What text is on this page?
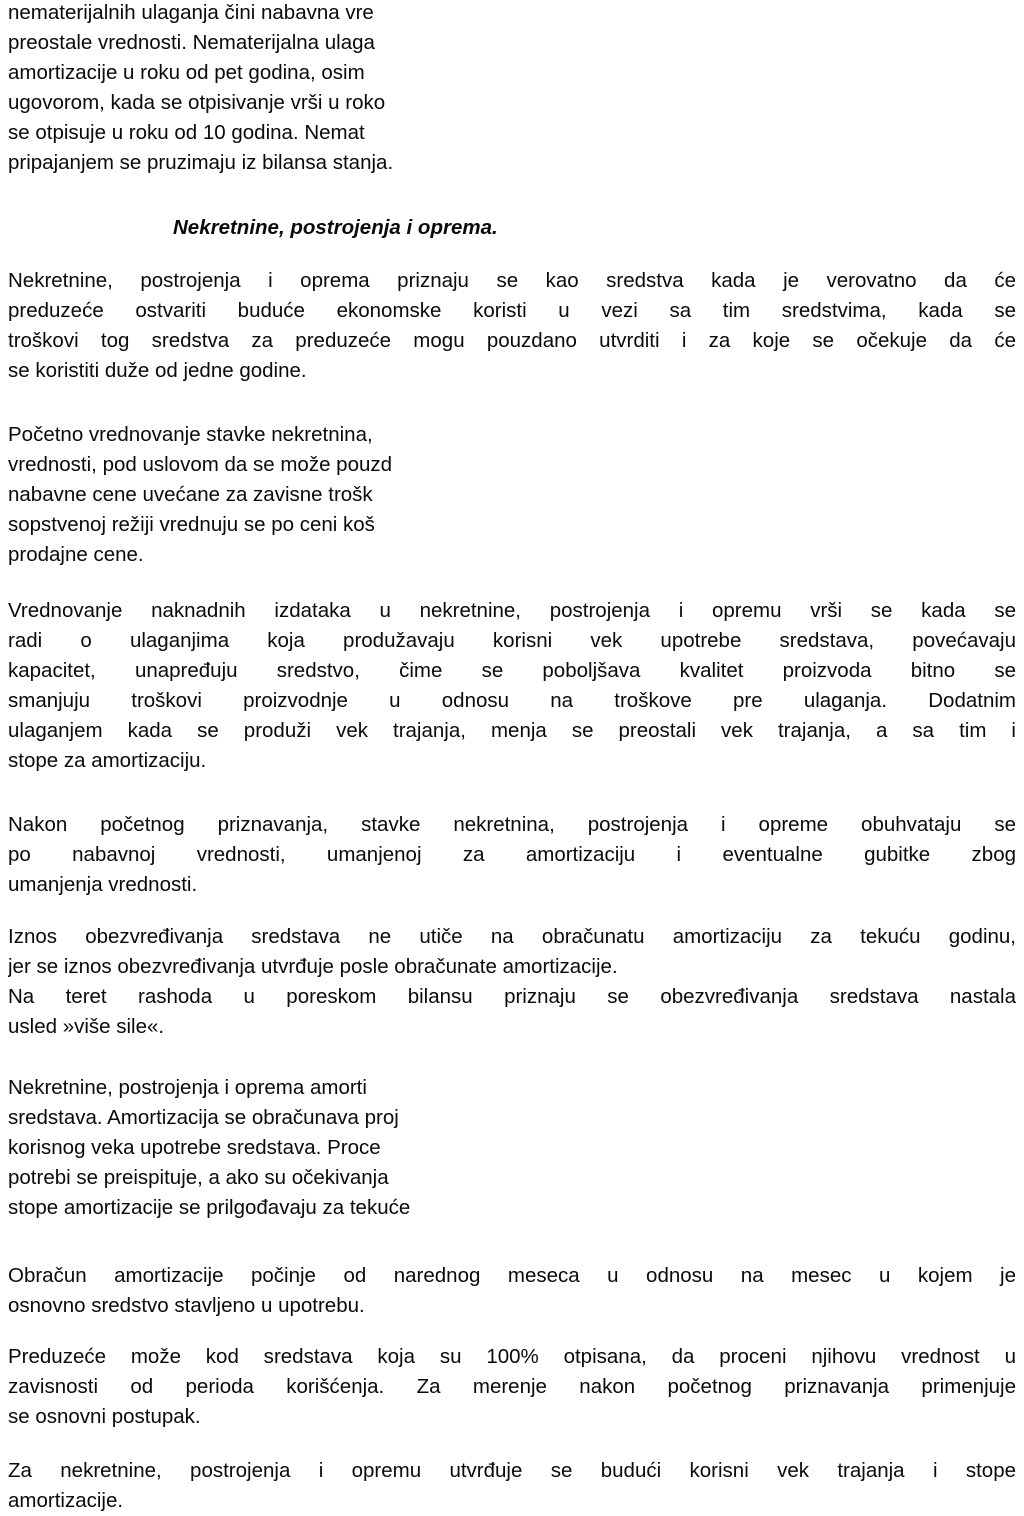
nematerijalnih ulaganja čini nabavna vre
preostale vrednosti. Nematerijalna ulaga
amortizacije u roku od pet godina, osim
ugovorom, kada se otpisivanje vrši u roko
se otpisuje u roku od 10 godina. Nemat
pripajanjem se pruzimaju iz bilansa stanja.
Nekretnine, postrojenja i oprema.
Nekretnine, postrojenja i oprema priznaju se kao sredstva kada je verovatno da će
preduzeće ostvariti buduće ekonomske koristi u vezi sa tim sredstvima, kada se
troškovi tog sredstva za preduzeće mogu pouzdano utvrditi i za koje se očekuje da će
se koristiti duže od jedne godine.
Početno vrednovanje stavke nekretnina,
vrednosti, pod uslovom da se može pouzd
nabavne cene uvećane za zavisne trošk
sopstvenoj režiji vrednuju se po ceni koš
prodajne cene.
Vrednovanje naknadnih izdataka u nekretnine, postrojenja i opremu vrši se kada se
radi o ulaganjima koja produžavaju korisni vek upotrebe sredstava, povećavaju
kapacitet, unapređuju sredstvo, čime se poboljšava kvalitet proizvoda bitno se
smanjuju troškovi proizvodnje u odnosu na troškove pre ulaganja. Dodatnim
ulaganjem kada se produži vek trajanja, menja se preostali vek trajanja, a sa tim i
stope za amortizaciju.
Nakon početnog priznavanja, stavke nekretnina, postrojenja i opreme obuhvataju se
po nabavnoj vrednosti, umanjenoj za amortizaciju i eventualne gubitke zbog
umanjenja vrednosti.
Iznos obezvređivanja sredstava ne utiče na obračunatu amortizaciju za tekuću godinu,
jer se iznos obezvređivanja utvrđuje posle obračunate amortizacije.
Na teret rashoda u poreskom bilansu priznaju se obezvređivanja sredstava nastala
usled »više sile«.
Nekretnine, postrojenja i oprema amorti
sredstava. Amortizacija se obračunava proj
korisnog veka upotrebe sredstava. Proce
potrebi se preispituje, a ako su očekivanja
stope amortizacije se prilgođavaju za tekuće
Obračun amortizacije počinje od narednog meseca u odnosu na mesec u kojem je
osnovno sredstvo stavljeno u upotrebu.
Preduzeće može kod sredstava koja su 100% otpisana, da proceni njihovu vrednost u
zavisnosti od perioda korišćenja. Za merenje nakon početnog priznavanja primenjuje
se osnovni postupak.
Za nekretnine, postrojenja i opremu utvrđuje se budući korisni vek trajanja i stope
amortizacije.
